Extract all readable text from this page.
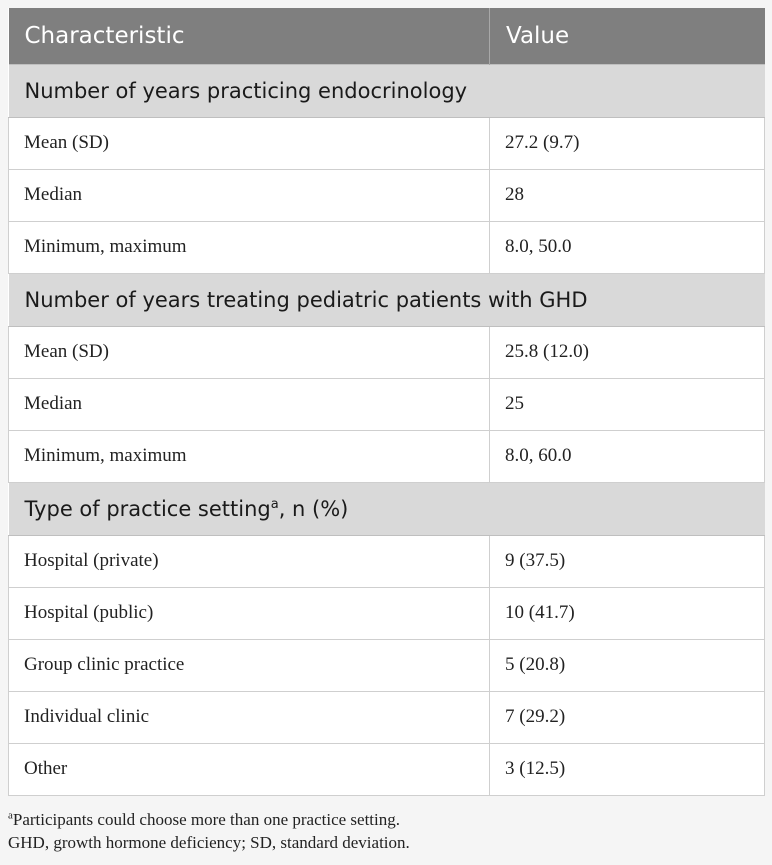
Characteristic	Value
Number of years practicing endocrinology	
Mean (SD)	27.2 (9.7)
Median	28
Minimum, maximum	8.0, 50.0
Number of years treating pediatric patients with GHD	
Mean (SD)	25.8 (12.0)
Median	25
Minimum, maximum	8.0, 60.0
Type of practice setting$^a$, n (%)	
Hospital (private)	9 (37.5)
Hospital (public)	10 (41.7)
Group clinic practice	5 (20.8)
Individual clinic	7 (29.2)
Other	3 (12.5)
$^a$Participants could choose more than one practice setting.
GHD, growth hormone deficiency; SD, standard deviation.
